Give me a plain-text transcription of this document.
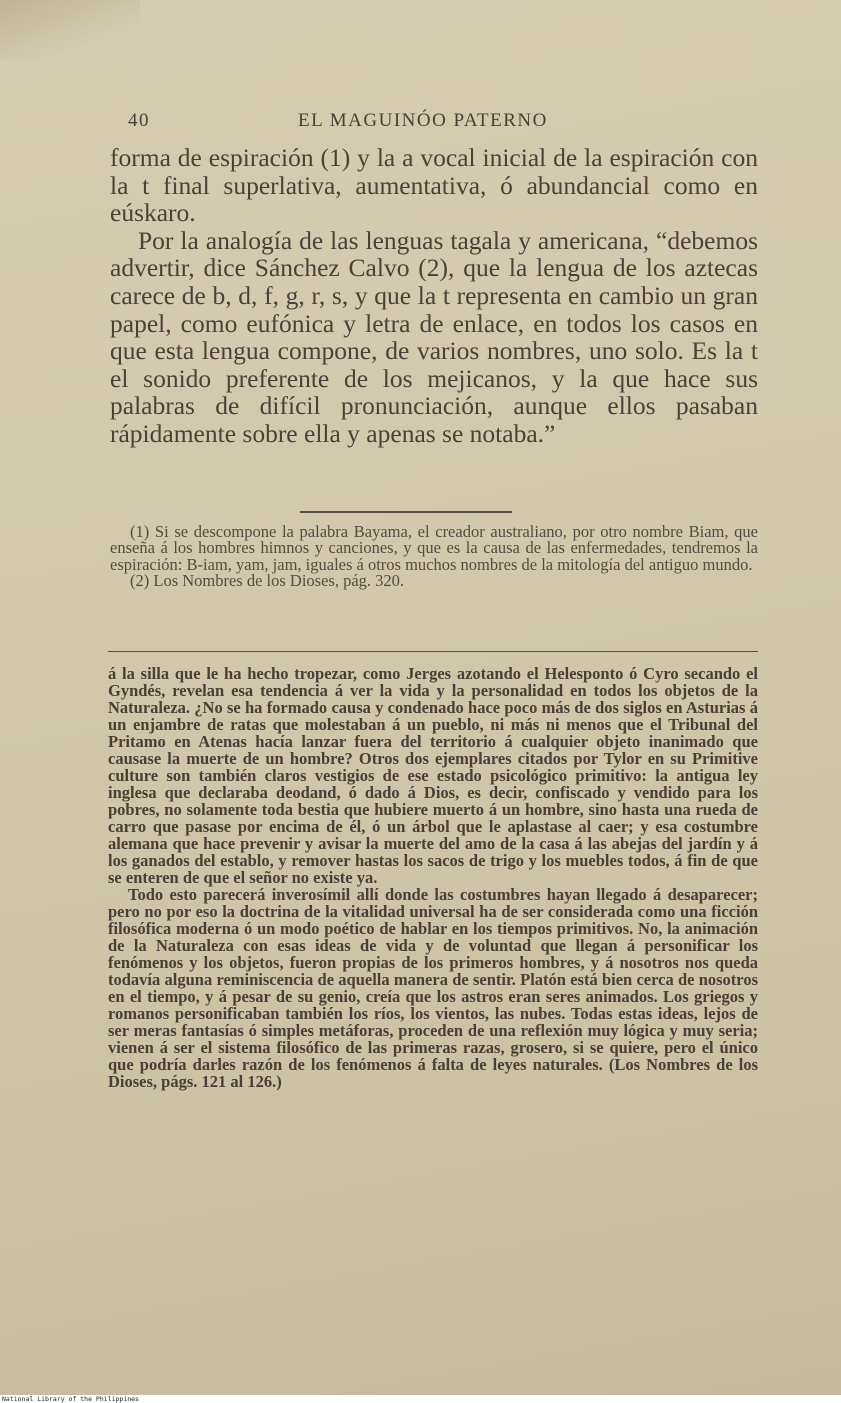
40	EL MAGUINÓO PATERNO

forma de espiración (1) y la a vocal inicial de la espiración con la t final superlativa, aumentativa, ó abundancial como en eúskaro.

Por la analogía de las lenguas tagala y americana, “debemos advertir, dice Sánchez Calvo (2), que la lengua de los aztecas carece de b, d, f, g, r, s, y que la t representa en cambio un gran papel, como eufónica y letra de enlace, en todos los casos en que esta lengua compone, de varios nombres, uno solo. Es la t el sonido preferente de los mejicanos, y la que hace sus palabras de difícil pronunciación, aunque ellos pasaban rápidamente sobre ella y apenas se notaba.”

(1) Si se descompone la palabra Bayama, el creador australiano, por otro nombre Biam, que enseña á los hombres himnos y canciones, y que es la causa de las enfermedades, tendremos la espiración: B-iam, yam, jam, iguales á otros muchos nombres de la mitología del antiguo mundo.

(2) Los Nombres de los Dioses, pág. 320.

á la silla que le ha hecho tropezar, como Jerges azotando el Helesponto ó Cyro secando el Gyndés, revelan esa tendencia á ver la vida y la personalidad en todos los objetos de la Naturaleza. ¿No se ha formado causa y condenado hace poco más de dos siglos en Asturias á un enjambre de ratas que molestaban á un pueblo, ni más ni menos que el Tribunal del Pritamo en Atenas hacía lanzar fuera del territorio á cualquier objeto inanimado que causase la muerte de un hombre? Otros dos ejemplares citados por Tylor en su Primitive culture son también claros vestigios de ese estado psicológico primitivo: la antigua ley inglesa que declaraba deodand, ó dado á Dios, es decir, confiscado y vendido para los pobres, no solamente toda bestia que hubiere muerto á un hombre, sino hasta una rueda de carro que pasase por encima de él, ó un árbol que le aplastase al caer; y esa costumbre alemana que hace prevenir y avisar la muerte del amo de la casa á las abejas del jardín y á los ganados del establo, y remover hastas los sacos de trigo y los muebles todos, á fin de que se enteren de que el señor no existe ya.

Todo esto parecerá inverosímil allí donde las costumbres hayan llegado á desaparecer; pero no por eso la doctrina de la vitalidad universal ha de ser considerada como una ficción filosófica moderna ó un modo poético de hablar en los tiempos primitivos. No, la animación de la Naturaleza con esas ideas de vida y de voluntad que llegan á personificar los fenómenos y los objetos, fueron propias de los primeros hombres, y á nosotros nos queda todavía alguna reminiscencia de aquella manera de sentir. Platón está bien cerca de nosotros en el tiempo, y á pesar de su genio, creía que los astros eran seres animados. Los griegos y romanos personificaban también los ríos, los vientos, las nubes. Todas estas ideas, lejos de ser meras fantasías ó simples metáforas, proceden de una reflexión muy lógica y muy seria; vienen á ser el sistema filosófico de las primeras razas, grosero, si se quiere, pero el único que podría darles razón de los fenómenos á falta de leyes naturales. (Los Nombres de los Dioses, págs. 121 al 126.)

National Library of the Philippines
